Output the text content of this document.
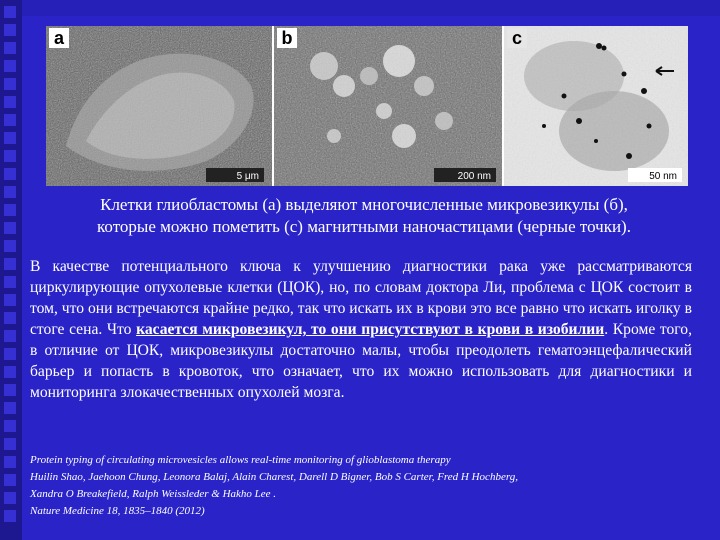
a
5 μm
b
200 nm
c
50 nm
Клетки глиобластомы (а) выделяют многочисленные микровезикулы (б),
которые можно пометить (с) магнитными наночастицами (черные точки).
В качестве потенциального ключа к улучшению диагностики рака уже рассматриваются циркулирующие опухолевые клетки (ЦОК), но, по словам доктора Ли, проблема с ЦОК состоит в том, что они встречаются крайне редко, так что искать их в крови это все равно что искать иголку в стоге сена. Что касается микровезикул, то они присутствуют в крови в изобилии. Кроме того, в отличие от ЦОК, микровезикулы достаточно малы, чтобы преодолеть гематоэнцефалический барьер и попасть в кровоток, что означает, что их можно использовать для диагностики и мониторинга злокачественных опухолей мозга.
Protein typing of circulating microvesicles allows real-time monitoring of glioblastoma therapy
Huilin Shao, Jaehoon Chung, Leonora Balaj, Alain Charest, Darell D Bigner, Bob S Carter, Fred H Hochberg,
Xandra O Breakefield, Ralph Weissleder & Hakho Lee .
Nature Medicine 18, 1835–1840 (2012)
